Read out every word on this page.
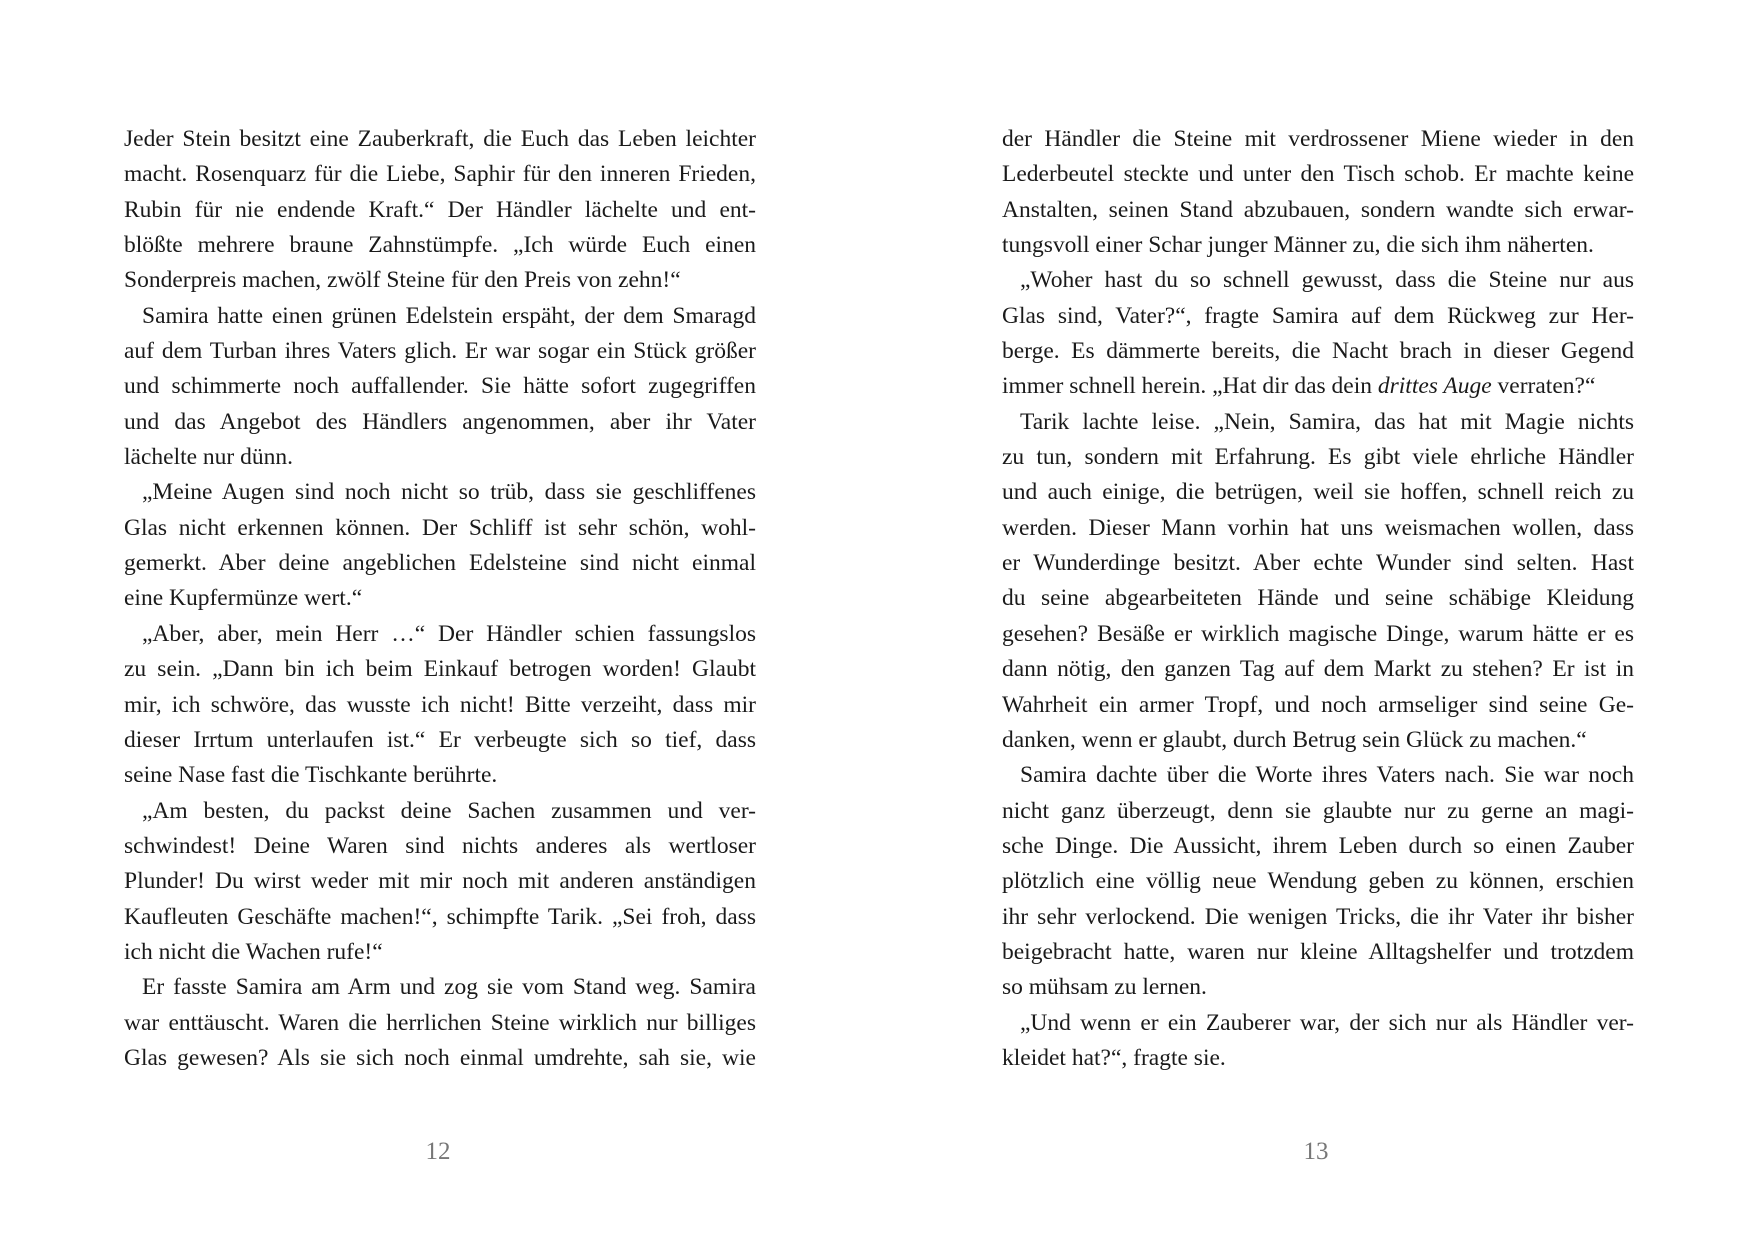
Jeder Stein besitzt eine Zauberkraft, die Euch das Leben leichter
macht. Rosenquarz für die Liebe, Saphir für den inneren Frieden,
Rubin für nie endende Kraft.“ Der Händler lächelte und ent-
blößte mehrere braune Zahnstümpfe. „Ich würde Euch einen
Sonderpreis machen, zwölf Steine für den Preis von zehn!“
Samira hatte einen grünen Edelstein erspäht, der dem Smaragd
auf dem Turban ihres Vaters glich. Er war sogar ein Stück größer
und schimmerte noch auffallender. Sie hätte sofort zugegriffen
und das Angebot des Händlers angenommen, aber ihr Vater
lächelte nur dünn.
„Meine Augen sind noch nicht so trüb, dass sie geschliffenes
Glas nicht erkennen können. Der Schliff ist sehr schön, wohl-
gemerkt. Aber deine angeblichen Edelsteine sind nicht einmal
eine Kupfermünze wert.“
„Aber, aber, mein Herr …“ Der Händler schien fassungslos
zu sein. „Dann bin ich beim Einkauf betrogen worden! Glaubt
mir, ich schwöre, das wusste ich nicht! Bitte verzeiht, dass mir
dieser Irrtum unterlaufen ist.“ Er verbeugte sich so tief, dass
seine Nase fast die Tischkante berührte.
„Am besten, du packst deine Sachen zusammen und ver-
schwindest! Deine Waren sind nichts anderes als wertloser
Plunder! Du wirst weder mit mir noch mit anderen anständigen
Kaufleuten Geschäfte machen!“, schimpfte Tarik. „Sei froh, dass
ich nicht die Wachen rufe!“
Er fasste Samira am Arm und zog sie vom Stand weg. Samira
war enttäuscht. Waren die herrlichen Steine wirklich nur billiges
Glas gewesen? Als sie sich noch einmal umdrehte, sah sie, wie
der Händler die Steine mit verdrossener Miene wieder in den
Lederbeutel steckte und unter den Tisch schob. Er machte keine
Anstalten, seinen Stand abzubauen, sondern wandte sich erwar-
tungsvoll einer Schar junger Männer zu, die sich ihm näherten.
„Woher hast du so schnell gewusst, dass die Steine nur aus
Glas sind, Vater?“, fragte Samira auf dem Rückweg zur Her-
berge. Es dämmerte bereits, die Nacht brach in dieser Gegend
immer schnell herein. „Hat dir das dein drittes Auge verraten?“
Tarik lachte leise. „Nein, Samira, das hat mit Magie nichts
zu tun, sondern mit Erfahrung. Es gibt viele ehrliche Händler
und auch einige, die betrügen, weil sie hoffen, schnell reich zu
werden. Dieser Mann vorhin hat uns weismachen wollen, dass
er Wunderdinge besitzt. Aber echte Wunder sind selten. Hast
du seine abgearbeiteten Hände und seine schäbige Kleidung
gesehen? Besäße er wirklich magische Dinge, warum hätte er es
dann nötig, den ganzen Tag auf dem Markt zu stehen? Er ist in
Wahrheit ein armer Tropf, und noch armseliger sind seine Ge-
danken, wenn er glaubt, durch Betrug sein Glück zu machen.“
Samira dachte über die Worte ihres Vaters nach. Sie war noch
nicht ganz überzeugt, denn sie glaubte nur zu gerne an magi-
sche Dinge. Die Aussicht, ihrem Leben durch so einen Zauber
plötzlich eine völlig neue Wendung geben zu können, erschien
ihr sehr verlockend. Die wenigen Tricks, die ihr Vater ihr bisher
beigebracht hatte, waren nur kleine Alltagshelfer und trotzdem
so mühsam zu lernen.
„Und wenn er ein Zauberer war, der sich nur als Händler ver-
kleidet hat?“, fragte sie.
12	13
